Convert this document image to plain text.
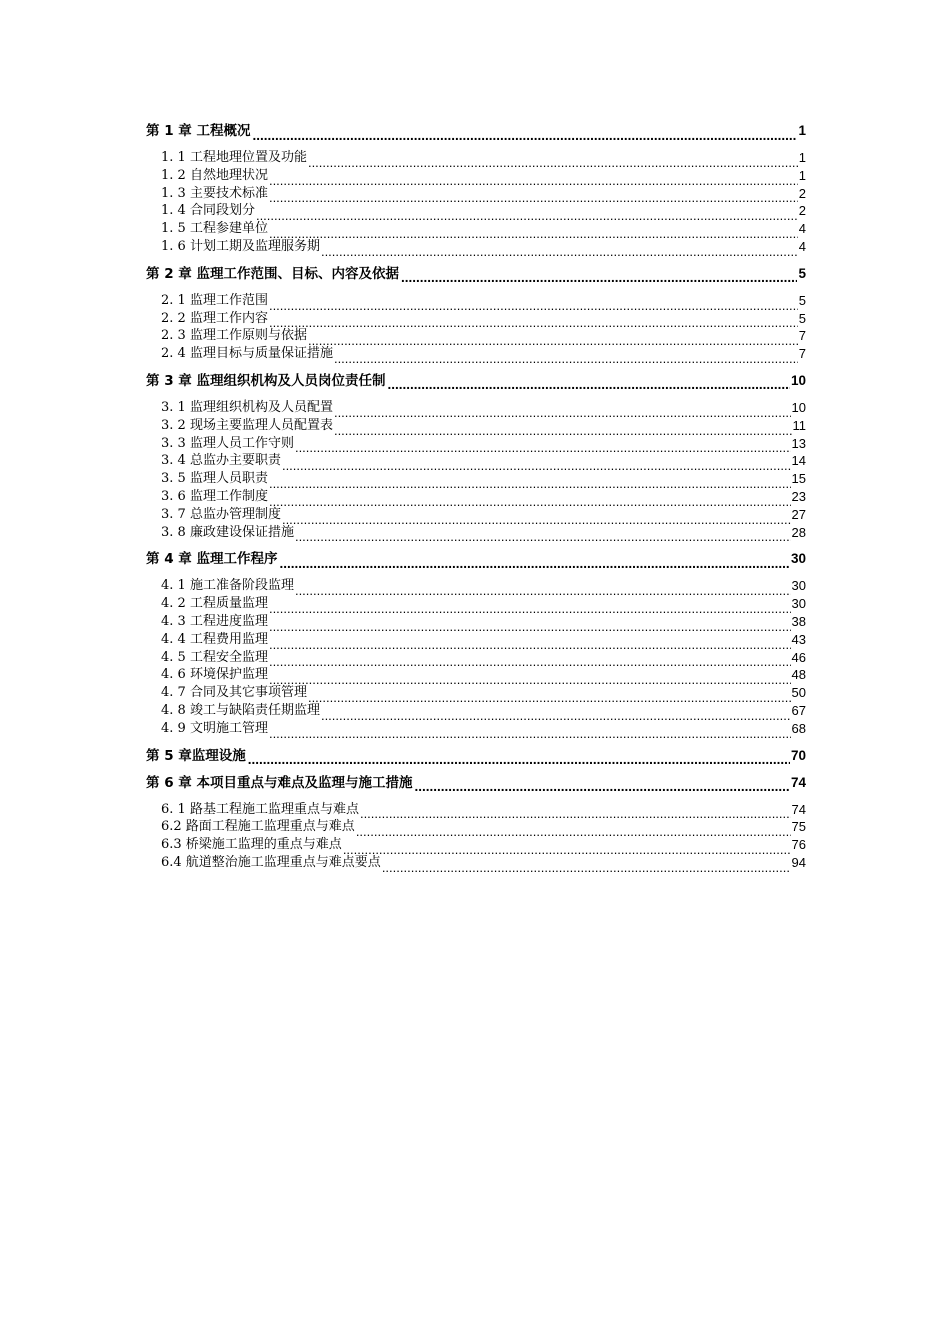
第 1 章 工程概况 .....	1
1. 1 工程地理位置及功能 .....	1
1. 2 自然地理状况 .....	1
1. 3 主要技术标准 .....	2
1. 4 合同段划分 .....	2
1. 5 工程参建单位 .....	4
1. 6 计划工期及监理服务期 .....	4
第 2 章 监理工作范围、目标、内容及依据 .....	5
2. 1 监理工作范围 .....	5
2. 2 监理工作内容 .....	5
2. 3 监理工作原则与依据 .....	7
2. 4 监理目标与质量保证措施 .....	7
第 3 章 监理组织机构及人员岗位责任制 .....	10
3. 1 监理组织机构及人员配置 .....	10
3. 2 现场主要监理人员配置表 .....	11
3. 3 监理人员工作守则 .....	13
3. 4 总监办主要职责 .....	14
3. 5 监理人员职责 .....	15
3. 6 监理工作制度 .....	23
3. 7 总监办管理制度 .....	27
3. 8 廉政建设保证措施 .....	28
第 4 章 监理工作程序 .....	30
4. 1 施工准备阶段监理 .....	30
4. 2 工程质量监理 .....	30
4. 3 工程进度监理 .....	38
4. 4 工程费用监理 .....	43
4. 5 工程安全监理 .....	46
4. 6 环境保护监理 .....	48
4. 7 合同及其它事项管理 .....	50
4. 8 竣工与缺陷责任期监理 .....	67
4. 9 文明施工管理 .....	68
第 5 章监理设施 .....	70
第 6 章 本项目重点与难点及监理与施工措施 .....	74
6. 1 路基工程施工监理重点与难点 .....	74
6.2 路面工程施工监理重点与难点 .....	75
6.3 桥梁施工监理的重点与难点 .....	76
6.4 航道整治施工监理重点与难点要点 .....	94
